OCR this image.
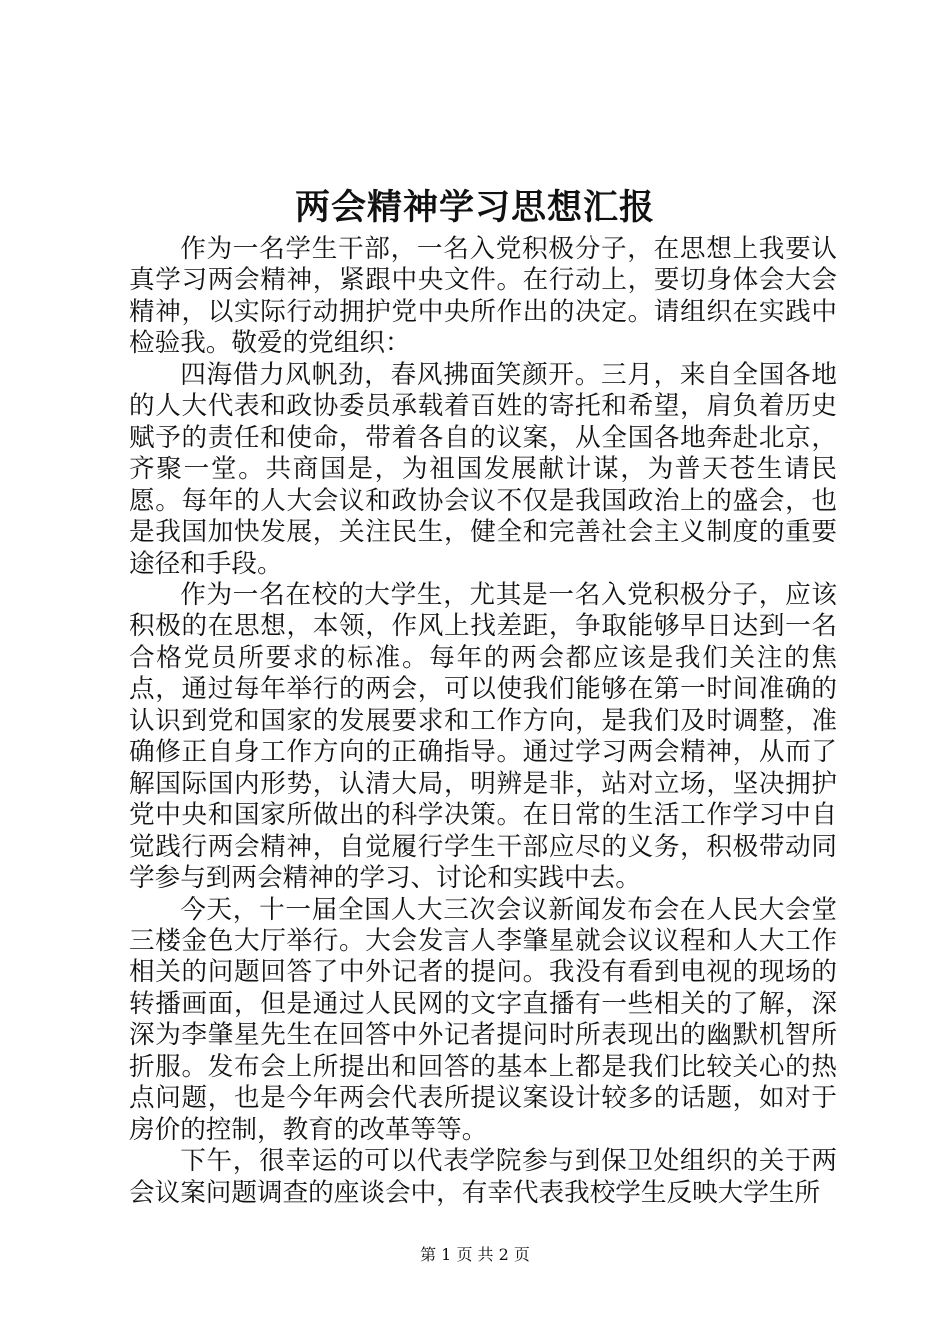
两会精神学习思想汇报

作为一名学生干部，一名入党积极分子，在思想上我要认真学习两会精神，紧跟中央文件。在行动上，要切身体会大会精神，以实际行动拥护党中央所作出的决定。请组织在实践中检验我。敬爱的党组织：

四海借力风帆劲，春风拂面笑颜开。三月，来自全国各地的人大代表和政协委员承载着百姓的寄托和希望，肩负着历史赋予的责任和使命，带着各自的议案，从全国各地奔赴北京，齐聚一堂。共商国是，为祖国发展献计谋，为普天苍生请民愿。每年的人大会议和政协会议不仅是我国政治上的盛会，也是我国加快发展，关注民生，健全和完善社会主义制度的重要途径和手段。

作为一名在校的大学生，尤其是一名入党积极分子，应该积极的在思想，本领，作风上找差距，争取能够早日达到一名合格党员所要求的标准。每年的两会都应该是我们关注的焦点，通过每年举行的两会，可以使我们能够在第一时间准确的认识到党和国家的发展要求和工作方向，是我们及时调整，准确修正自身工作方向的正确指导。通过学习两会精神，从而了解国际国内形势，认清大局，明辨是非，站对立场，坚决拥护党中央和国家所做出的科学决策。在日常的生活工作学习中自觉践行两会精神，自觉履行学生干部应尽的义务，积极带动同学参与到两会精神的学习、讨论和实践中去。

今天，十一届全国人大三次会议新闻发布会在人民大会堂三楼金色大厅举行。大会发言人李肇星就会议议程和人大工作相关的问题回答了中外记者的提问。我没有看到电视的现场的转播画面，但是通过人民网的文字直播有一些相关的了解，深深为李肇星先生在回答中外记者提问时所表现出的幽默机智所折服。发布会上所提出和回答的基本上都是我们比较关心的热点问题，也是今年两会代表所提议案设计较多的话题，如对于房价的控制，教育的改革等等。

下午，很幸运的可以代表学院参与到保卫处组织的关于两会议案问题调查的座谈会中，有幸代表我校学生反映大学生所

第 1 页 共 2 页
